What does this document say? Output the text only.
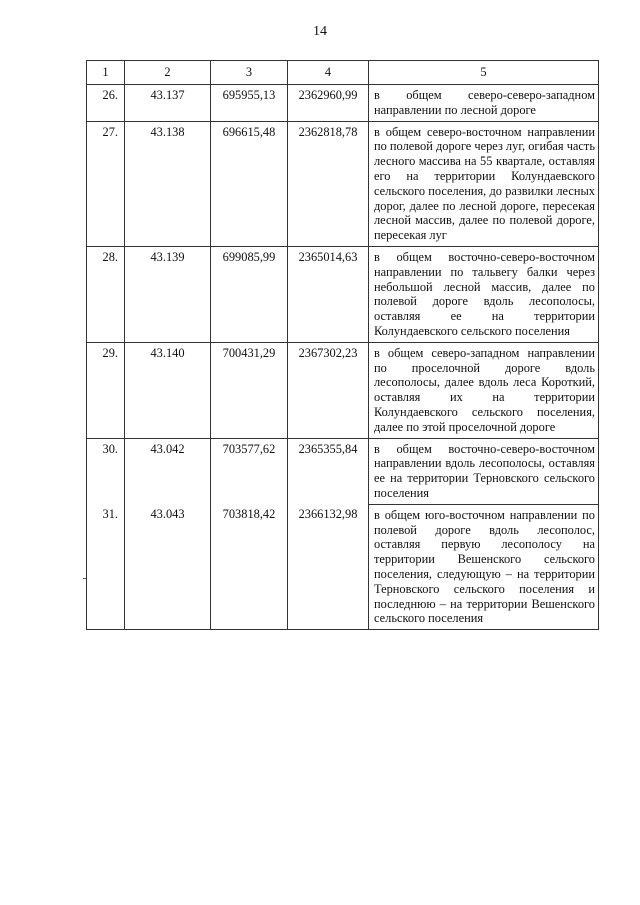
14
1	2	3	4	5
26.	43.137	695955,13	2362960,99	в общем северо-северо-западном направлении по лесной дороге
27.	43.138	696615,48	2362818,78	в общем северо-восточном направлении по полевой дороге через луг, огибая часть лесного массива на 55 квартале, оставляя его на территории Колундаевского сельского поселения, до развилки лесных дорог, далее по лесной дороге, пересекая лесной массив, далее по полевой дороге, пересекая луг
28.	43.139	699085,99	2365014,63	в общем восточно-северо-восточном направлении по тальвегу балки через небольшой лесной массив, далее по полевой дороге вдоль лесополосы, оставляя ее на территории Колундаевского сельского поселения
29.	43.140	700431,29	2367302,23	в общем северо-западном направлении по проселочной дороге вдоль лесополосы, далее вдоль леса Короткий, оставляя их на территории Колундаевского сельского поселения, далее по этой проселочной дороге
30.	43.042	703577,62	2365355,84	в общем восточно-северо-восточном направлении вдоль лесополосы, оставляя ее на территории Терновского сельского поселения
31.	43.043	703818,42	2366132,98	в общем юго-восточном направлении по полевой дороге вдоль лесополос, оставляя первую лесополосу на территории Вешенского сельского поселения, следующую – на территории Терновского сельского поселения и последнюю – на территории Вешенского сельского поселения
